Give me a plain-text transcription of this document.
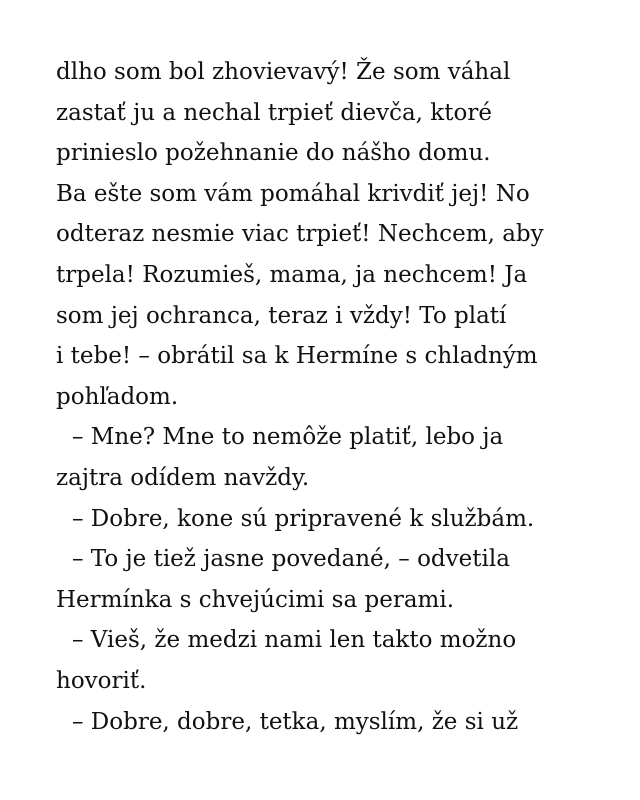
dlho som bol zhovievavý! Že som váhal
zastať ju a nechal trpieť dievča, ktoré
prinieslo požehnanie do nášho domu.
Ba ešte som vám pomáhal krivdiť jej! No
odteraz nesmie viac trpieť! Nechcem, aby
trpela! Rozumieš, mama, ja nechcem! Ja
som jej ochranca, teraz i vždy! To platí
i tebe! – obrátil sa k Hermíne s chladným
pohľadom.
– Mne? Mne to nemôže platiť, lebo ja
zajtra odídem navždy.
– Dobre, kone sú pripravené k službám.
– To je tiež jasne povedané, – odvetila
Hermínka s chvejúcimi sa perami.
– Vieš, že medzi nami len takto možno
hovoriť.
– Dobre, dobre, tetka, myslím, že si už
